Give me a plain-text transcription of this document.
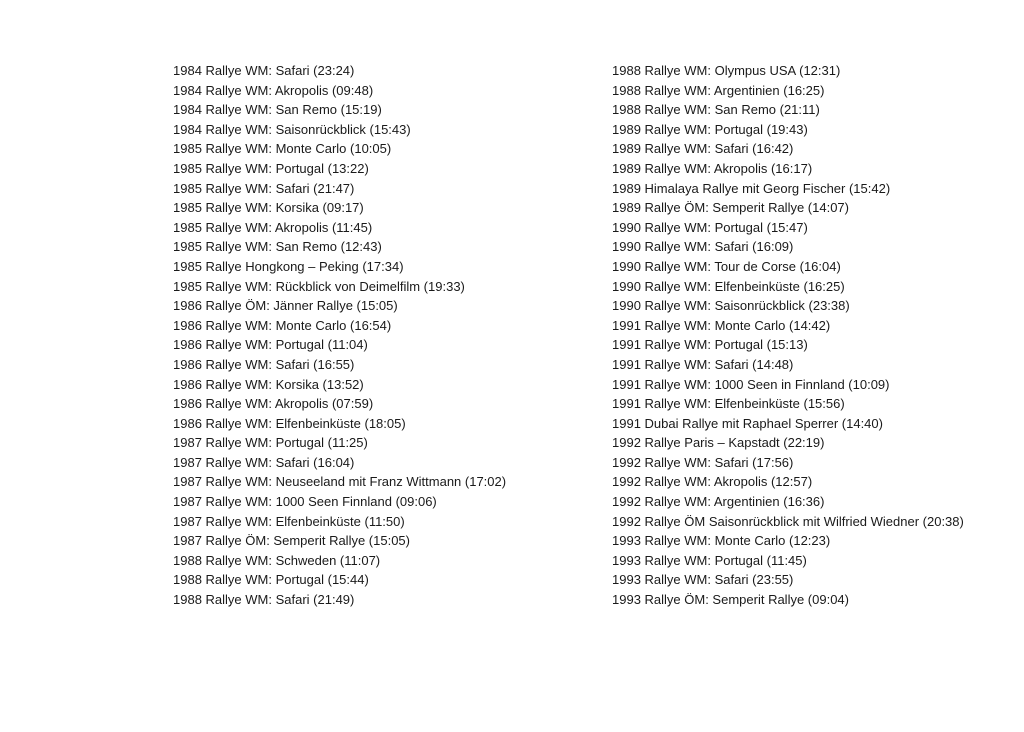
1984 Rallye WM: Safari (23:24)
1984 Rallye WM: Akropolis (09:48)
1984 Rallye WM: San Remo (15:19)
1984 Rallye WM: Saisonrückblick (15:43)
1985 Rallye WM: Monte Carlo (10:05)
1985 Rallye WM: Portugal (13:22)
1985 Rallye WM: Safari (21:47)
1985 Rallye WM: Korsika (09:17)
1985 Rallye WM: Akropolis (11:45)
1985 Rallye WM: San Remo (12:43)
1985 Rallye Hongkong – Peking (17:34)
1985 Rallye WM: Rückblick von Deimelfilm (19:33)
1986 Rallye ÖM: Jänner Rallye (15:05)
1986 Rallye WM: Monte Carlo (16:54)
1986 Rallye WM: Portugal (11:04)
1986 Rallye WM: Safari (16:55)
1986 Rallye WM: Korsika (13:52)
1986 Rallye WM: Akropolis (07:59)
1986 Rallye WM: Elfenbeinküste (18:05)
1987 Rallye WM: Portugal (11:25)
1987 Rallye WM: Safari (16:04)
1987 Rallye WM: Neuseeland mit Franz Wittmann (17:02)
1987 Rallye WM: 1000 Seen Finnland (09:06)
1987 Rallye WM: Elfenbeinküste (11:50)
1987 Rallye ÖM: Semperit Rallye (15:05)
1988 Rallye WM: Schweden (11:07)
1988 Rallye WM: Portugal (15:44)
1988 Rallye WM: Safari (21:49)
1988 Rallye WM: Olympus USA (12:31)
1988 Rallye WM: Argentinien (16:25)
1988 Rallye WM: San Remo (21:11)
1989 Rallye WM: Portugal (19:43)
1989 Rallye WM: Safari (16:42)
1989 Rallye WM: Akropolis (16:17)
1989 Himalaya Rallye mit Georg Fischer (15:42)
1989 Rallye ÖM: Semperit Rallye (14:07)
1990 Rallye WM: Portugal (15:47)
1990 Rallye WM: Safari (16:09)
1990 Rallye WM: Tour de Corse (16:04)
1990 Rallye WM: Elfenbeinküste (16:25)
1990 Rallye WM: Saisonrückblick (23:38)
1991 Rallye WM: Monte Carlo (14:42)
1991 Rallye WM: Portugal (15:13)
1991 Rallye WM: Safari (14:48)
1991 Rallye WM: 1000 Seen in Finnland (10:09)
1991 Rallye WM: Elfenbeinküste (15:56)
1991 Dubai Rallye mit Raphael Sperrer (14:40)
1992 Rallye Paris – Kapstadt (22:19)
1992 Rallye WM: Safari (17:56)
1992 Rallye WM: Akropolis (12:57)
1992 Rallye WM: Argentinien (16:36)
1992 Rallye ÖM Saisonrückblick mit Wilfried Wiedner (20:38)
1993 Rallye WM: Monte Carlo (12:23)
1993 Rallye WM: Portugal (11:45)
1993 Rallye WM: Safari (23:55)
1993 Rallye ÖM: Semperit Rallye (09:04)
